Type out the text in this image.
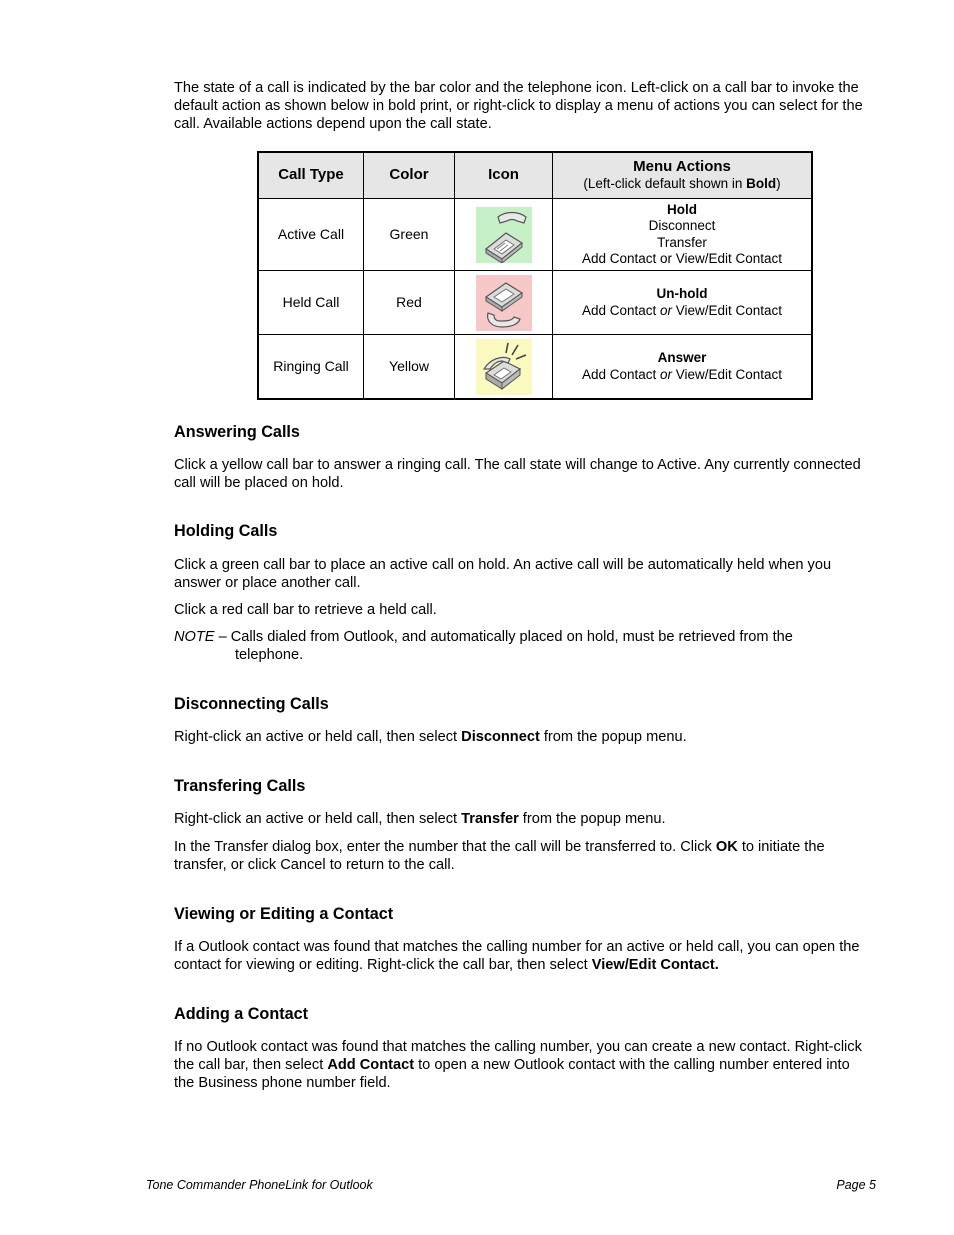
The state of a call is indicated by the bar color and the telephone icon. Left-click on a call bar to invoke the default action as shown below in bold print, or right-click to display a menu of actions you can select for the call. Available actions depend upon the call state.

Call Type	Color	Icon	Menu Actions
(Left-click default shown in Bold)

Active Call	Green		Hold
Disconnect
Transfer
Add Contact or View/Edit Contact
Held Call	Red		Un-hold
Add Contact or View/Edit Contact
Ringing Call	Yellow		Answer
Add Contact or View/Edit Contact
Answering Calls

Click a yellow call bar to answer a ringing call. The call state will change to Active. Any currently connected call will be placed on hold.

Holding Calls

Click a green call bar to place an active call on hold. An active call will be automatically held when you answer or place another call.

Click a red call bar to retrieve a held call.

NOTE – Calls dialed from Outlook, and automatically placed on hold, must be retrieved from the
telephone.

Disconnecting Calls

Right-click an active or held call, then select Disconnect from the popup menu.

Transfering Calls

Right-click an active or held call, then select Transfer from the popup menu.

In the Transfer dialog box, enter the number that the call will be transferred to. Click OK to initiate the transfer, or click Cancel to return to the call.

Viewing or Editing a Contact

If a Outlook contact was found that matches the calling number for an active or held call, you can open the contact for viewing or editing. Right-click the call bar, then select View/Edit Contact.

Adding a Contact

If no Outlook contact was found that matches the calling number, you can create a new contact. Right-click the call bar, then select Add Contact to open a new Outlook contact with the calling number entered into the Business phone number field.

Tone Commander PhoneLink for Outlook	Page 5
